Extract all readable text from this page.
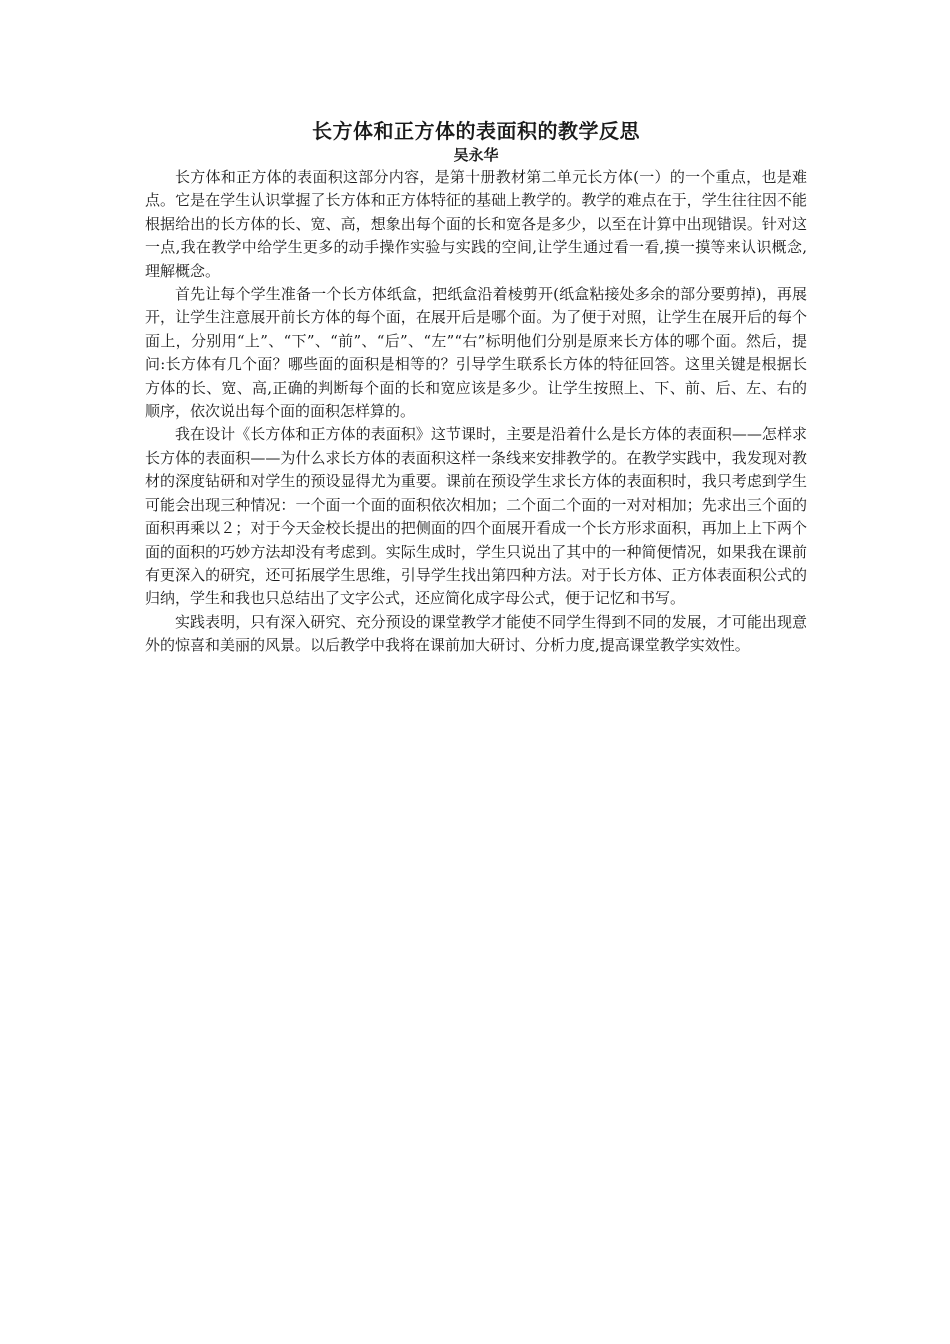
长方体和正方体的表面积的教学反思
吴永华

长方体和正方体的表面积这部分内容，是第十册教材第二单元长方体(一）的一个重点，也是难点。它是在学生认识掌握了长方体和正方体特征的基础上教学的。教学的难点在于，学生往往因不能根据给出的长方体的长、宽、高，想象出每个面的长和宽各是多少，以至在计算中出现错误。针对这一点,我在教学中给学生更多的动手操作实验与实践的空间,让学生通过看一看,摸一摸等来认识概念,理解概念。

首先让每个学生准备一个长方体纸盒，把纸盒沿着棱剪开(纸盒粘接处多余的部分要剪掉)，再展开，让学生注意展开前长方体的每个面，在展开后是哪个面。为了便于对照，让学生在展开后的每个面上，分别用“上”、“下”、“前”、“后”、“左”“右”标明他们分别是原来长方体的哪个面。然后，提问:长方体有几个面？哪些面的面积是相等的？引导学生联系长方体的特征回答。这里关键是根据长方体的长、宽、高,正确的判断每个面的长和宽应该是多少。让学生按照上、下、前、后、左、右的顺序，依次说出每个面的面积怎样算的。

我在设计《长方体和正方体的表面积》这节课时，主要是沿着什么是长方体的表面积——怎样求长方体的表面积——为什么求长方体的表面积这样一条线来安排教学的。在教学实践中，我发现对教材的深度钻研和对学生的预设显得尤为重要。课前在预设学生求长方体的表面积时，我只考虑到学生可能会出现三种情况：一个面一个面的面积依次相加；二个面二个面的一对对相加；先求出三个面的面积再乘以２；对于今天金校长提出的把侧面的四个面展开看成一个长方形求面积，再加上上下两个面的面积的巧妙方法却没有考虑到。实际生成时，学生只说出了其中的一种简便情况，如果我在课前有更深入的研究，还可拓展学生思维，引导学生找出第四种方法。对于长方体、正方体表面积公式的归纳，学生和我也只总结出了文字公式，还应简化成字母公式，便于记忆和书写。

实践表明，只有深入研究、充分预设的课堂教学才能使不同学生得到不同的发展，才可能出现意外的惊喜和美丽的风景。以后教学中我将在课前加大研讨、分析力度,提高课堂教学实效性。
